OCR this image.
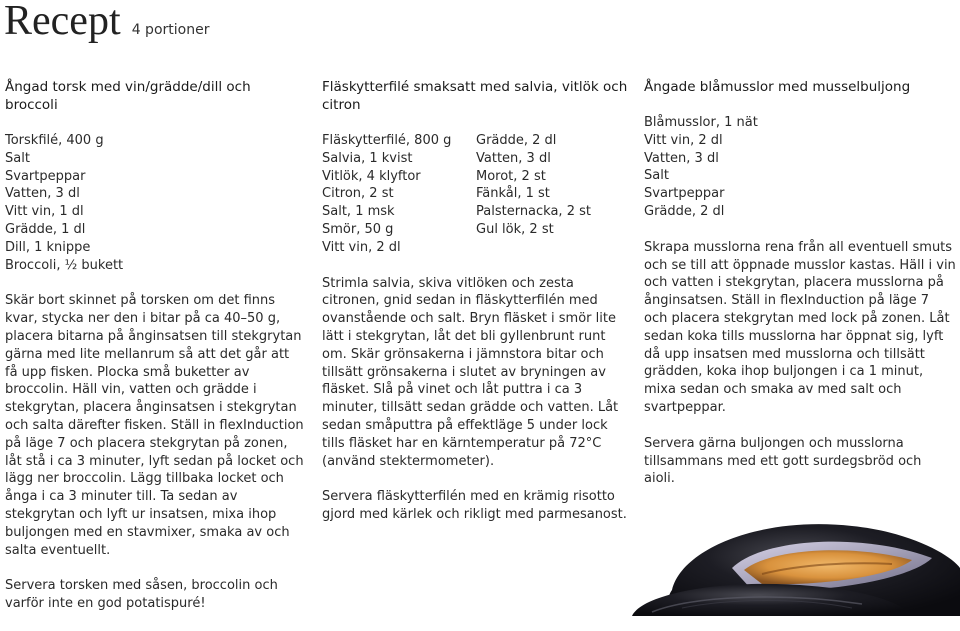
Recept 4 portioner
Ångad torsk med vin/grädde/dill och broccoli
Torskfilé, 400 g
Salt
Svartpeppar
Vatten, 3 dl
Vitt vin, 1 dl
Grädde, 1 dl
Dill, 1 knippe
Broccoli, ½ bukett

Skär bort skinnet på torsken om det finns kvar, stycka ner den i bitar på ca 40–50 g, placera bitarna på ånginsatsen till stekgrytan gärna med lite mellanrum så att det går att få upp fisken. Plocka små buketter av broccolin. Häll vin, vatten och grädde i stekgrytan, placera ånginsatsen i stekgrytan och salta därefter fisken. Ställ in flexInduction på läge 7 och placera stekgrytan på zonen, låt stå i ca 3 minuter, lyft sedan på locket och lägg ner broccolin. Lägg tillbaka locket och ånga i ca 3 minuter till. Ta sedan av stekgrytan och lyft ur insatsen, mixa ihop buljongen med en stavmixer, smaka av och salta eventuellt.

Servera torsken med såsen, broccolin och varför inte en god potatispuré!

Fläskytterfilé smaksatt med salvia, vitlök och citron
Fläskytterfilé, 800 g
Salvia, 1 kvist
Vitlök, 4 klyftor
Citron, 2 st
Salt, 1 msk
Smör, 50 g
Vitt vin, 2 dl
Grädde, 2 dl
Vatten, 3 dl
Morot, 2 st
Fänkål, 1 st
Palsternacka, 2 st
Gul lök, 2 st

Strimla salvia, skiva vitlöken och zesta citronen, gnid sedan in fläskytterfilén med ovanstående och salt. Bryn fläsket i smör lite lätt i stekgrytan, låt det bli gyllenbrunt runt om. Skär grönsakerna i jämnstora bitar och tillsätt grönsakerna i slutet av bryningen av fläsket. Slå på vinet och låt puttra i ca 3 minuter, tillsätt sedan grädde och vatten. Låt sedan småputtra på effektläge 5 under lock tills fläsket har en kärntemperatur på 72°C (använd stektermometer).

Servera fläskytterfilén med en krämig risotto gjord med kärlek och rikligt med parmesanost.

Ångade blåmusslor med musselbuljong
Blåmusslor, 1 nät
Vitt vin, 2 dl
Vatten, 3 dl
Salt
Svartpeppar
Grädde, 2 dl

Skrapa musslorna rena från all eventuell smuts och se till att öppnade musslor kastas. Häll i vin och vatten i stekgrytan, placera musslorna på ånginsatsen. Ställ in flexInduction på läge 7 och placera stekgrytan med lock på zonen. Låt sedan koka tills musslorna har öppnat sig, lyft då upp insatsen med musslorna och tillsätt grädden, koka ihop buljongen i ca 1 minut, mixa sedan och smaka av med salt och svartpeppar.

Servera gärna buljongen och musslorna tillsammans med ett gott surdegsbröd och aioli.
